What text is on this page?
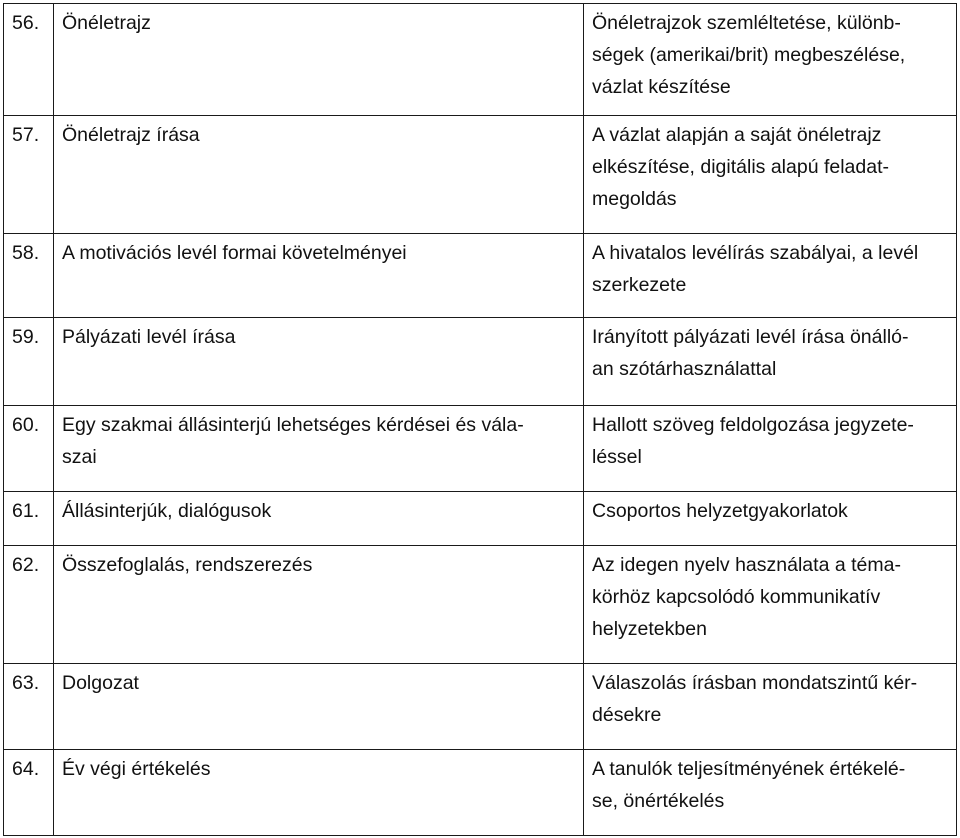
56.	Önéletrajz	Önéletrajzok szemléltetése, különb-
ségek (amerikai/brit) megbeszélése,
vázlat készítése

57.	Önéletrajz írása	A vázlat alapján a saját önéletrajz
elkészítése, digitális alapú feladat-
megoldás

58.	A motivációs levél formai követelményei	A hivatalos levélírás szabályai, a levél
szerkezete

59.	Pályázati levél írása	Irányított pályázati levél írása önálló-
an szótárhasználattal

60.	Egy szakmai állásinterjú lehetséges kérdései és vála-
szai	Hallott szöveg feldolgozása jegyzete-
léssel

61.	Állásinterjúk, dialógusok	Csoportos helyzetgyakorlatok

62.	Összefoglalás, rendszerezés	Az idegen nyelv használata a téma-
körhöz kapcsolódó kommunikatív
helyzetekben

63.	Dolgozat	Válaszolás írásban mondatszintű kér-
désekre

64.	Év végi értékelés	A tanulók teljesítményének értékelé-
se, önértékelés
